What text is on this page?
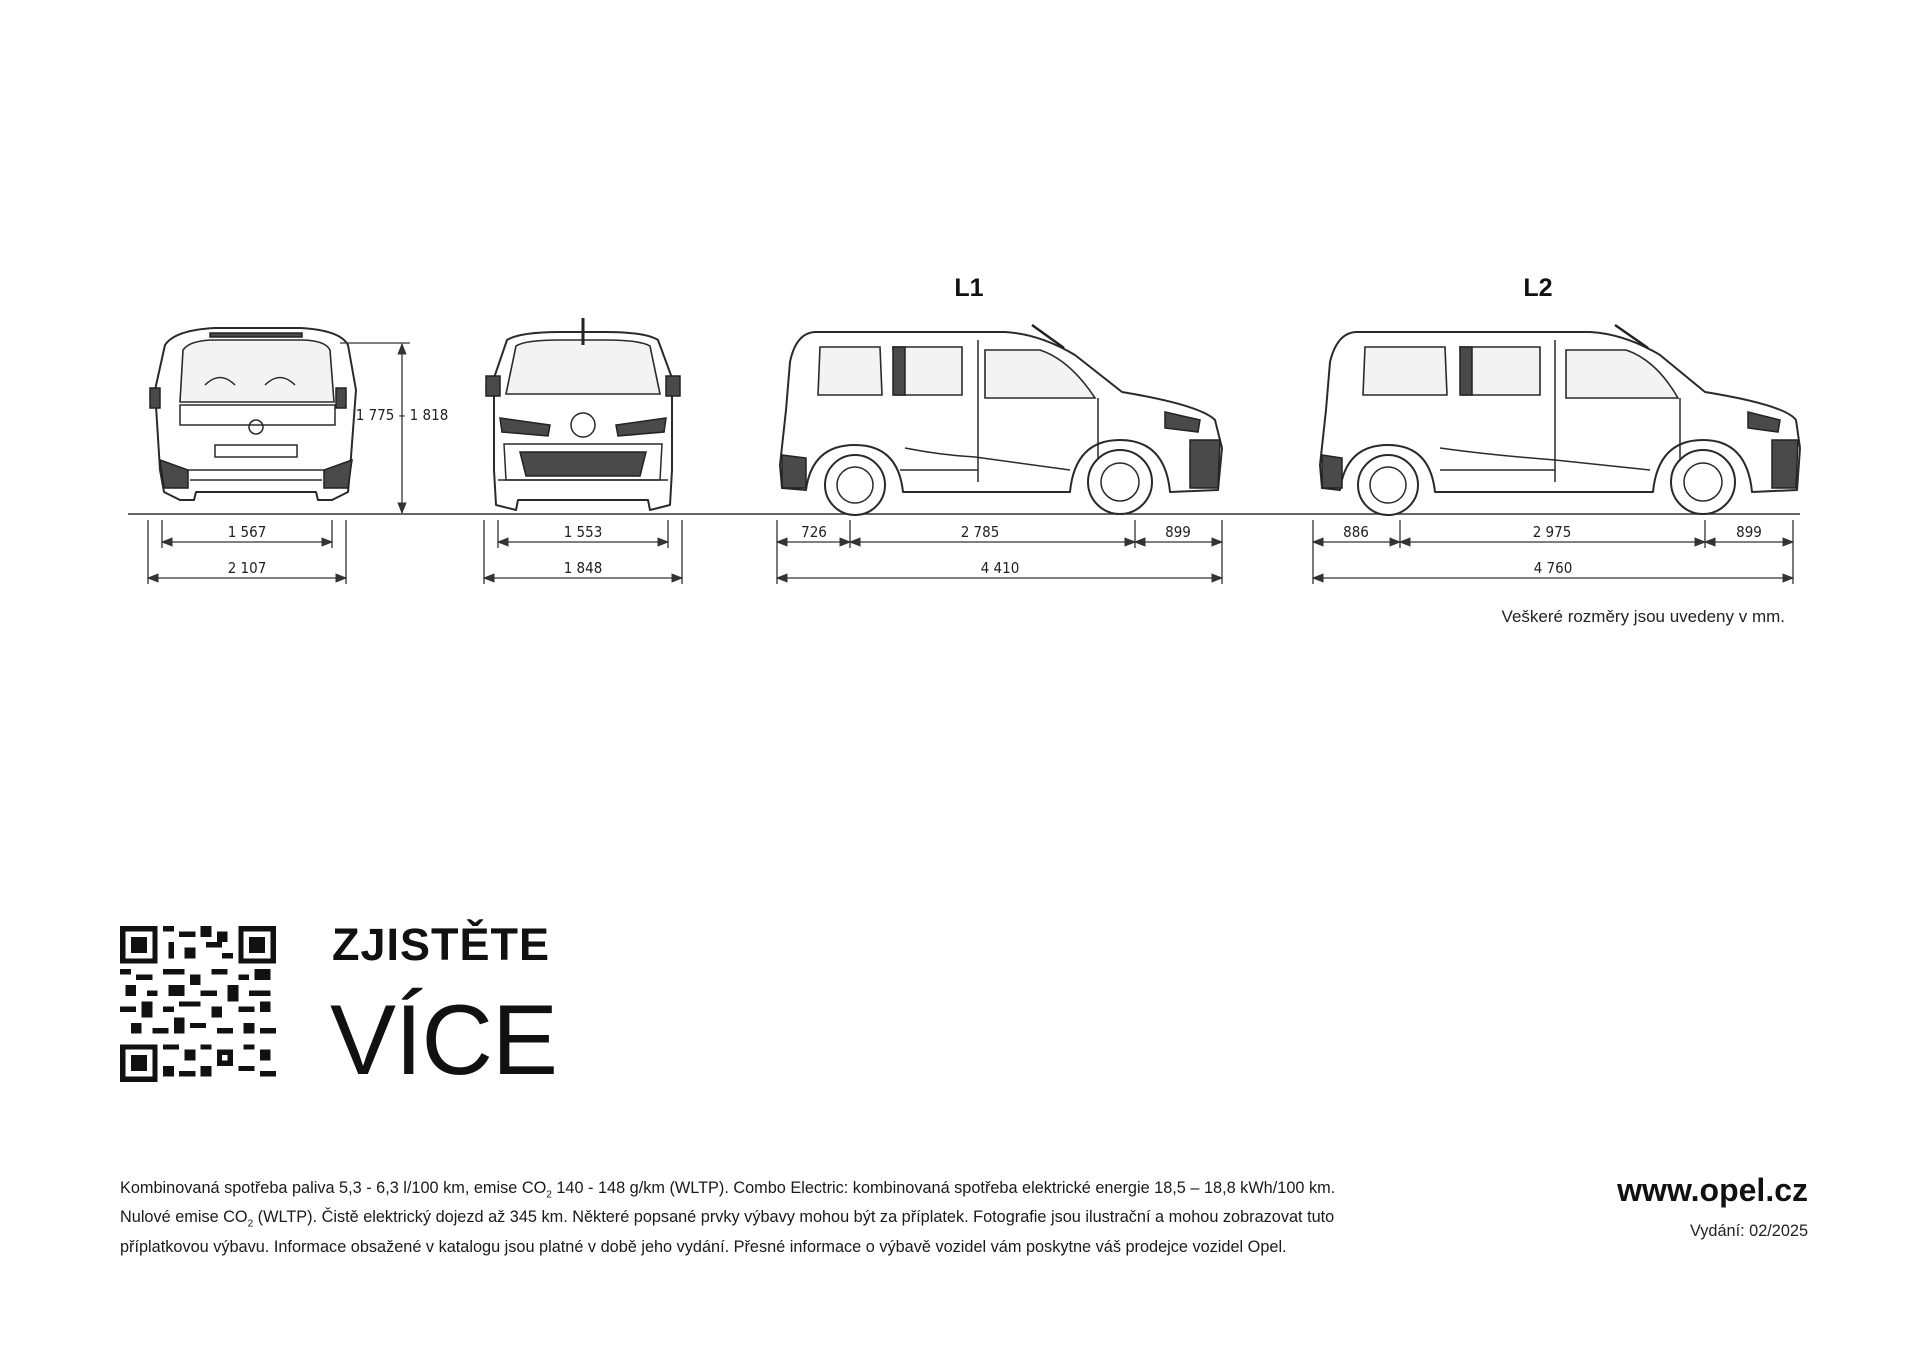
L1	L2
1 775 – 1 818
1 567
2 107
1 553
1 848
726	2 785	899
4 410
886	2 975	899
4 760
Veškeré rozměry jsou uvedeny v mm.
ZJISTĚTE
VÍCE
Kombinovaná spotřeba paliva 5,3 - 6,3 l/100 km, emise $CO_2$ 140 - 148 g/km (WLTP). Combo Electric: kombinovaná spotřeba elektrické energie 18,5 – 18,8 kWh/100 km.
Nulové emise $CO_2$ (WLTP). Čistě elektrický dojezd až 345 km. Některé popsané prvky výbavy mohou být za příplatek. Fotografie jsou ilustrační a mohou zobrazovat tuto
příplatkovou výbavu. Informace obsažené v katalogu jsou platné v době jeho vydání. Přesné informace o výbavě vozidel vám poskytne váš prodejce vozidel Opel.
www.opel.cz
Vydání: 02/2025
